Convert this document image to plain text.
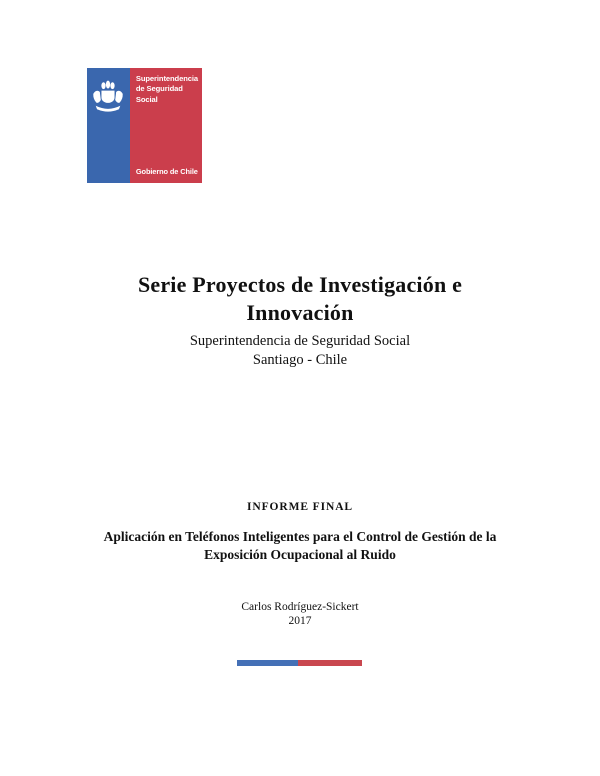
Superintendencia
de Seguridad
Social
Gobierno de Chile
Serie Proyectos de Investigación e
Innovación
Superintendencia de Seguridad Social
Santiago - Chile
INFORME FINAL
Aplicación en Teléfonos Inteligentes para el Control de Gestión de la
Exposición Ocupacional al Ruido
Carlos Rodríguez-Sickert
2017
